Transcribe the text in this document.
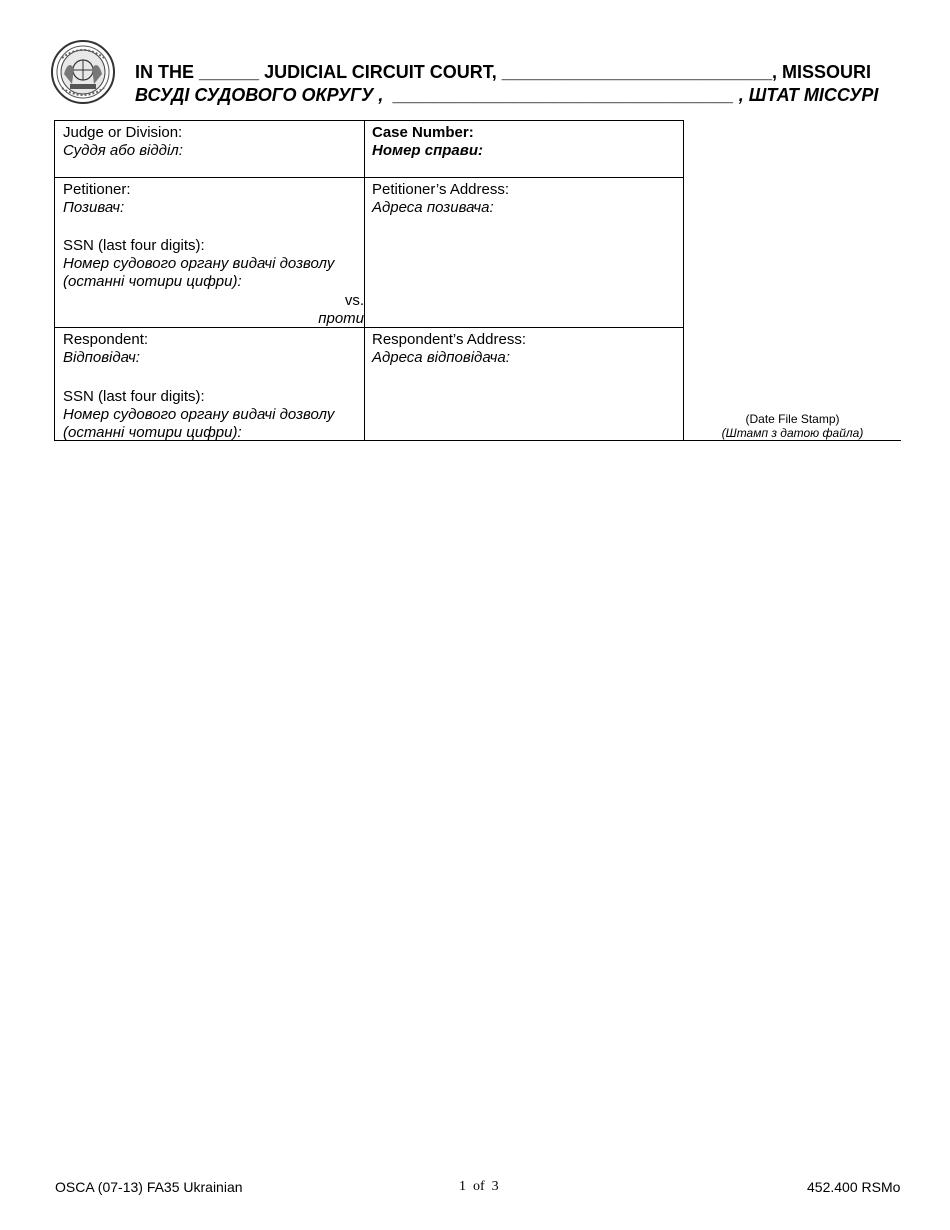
IN THE ______ JUDICIAL CIRCUIT COURT, ___________________________, MISSOURI
ВСУДІ СУДОВОГО ОКРУГУ ,  __________________________________ , ШТАТ МІССУРІ
Judge or Division:
Суддя або відділ:
Case Number:
Номер справи:
Petitioner:
Позивач:
SSN (last four digits):
Номер судового органу видачі дозволу
(останні чотири цифри):
vs.
проти
Petitioner’s Address:
Адреса позивача:
Respondent:
Відповідач:
SSN (last four digits):
Номер судового органу видачі дозволу
(останні чотири цифри):
Respondent’s Address:
Адреса відповідача:
(Date File Stamp)
(Штамп з датою файла)
OSCA (07-13) FA35 Ukrainian	1  of  3	452.400 RSMo
